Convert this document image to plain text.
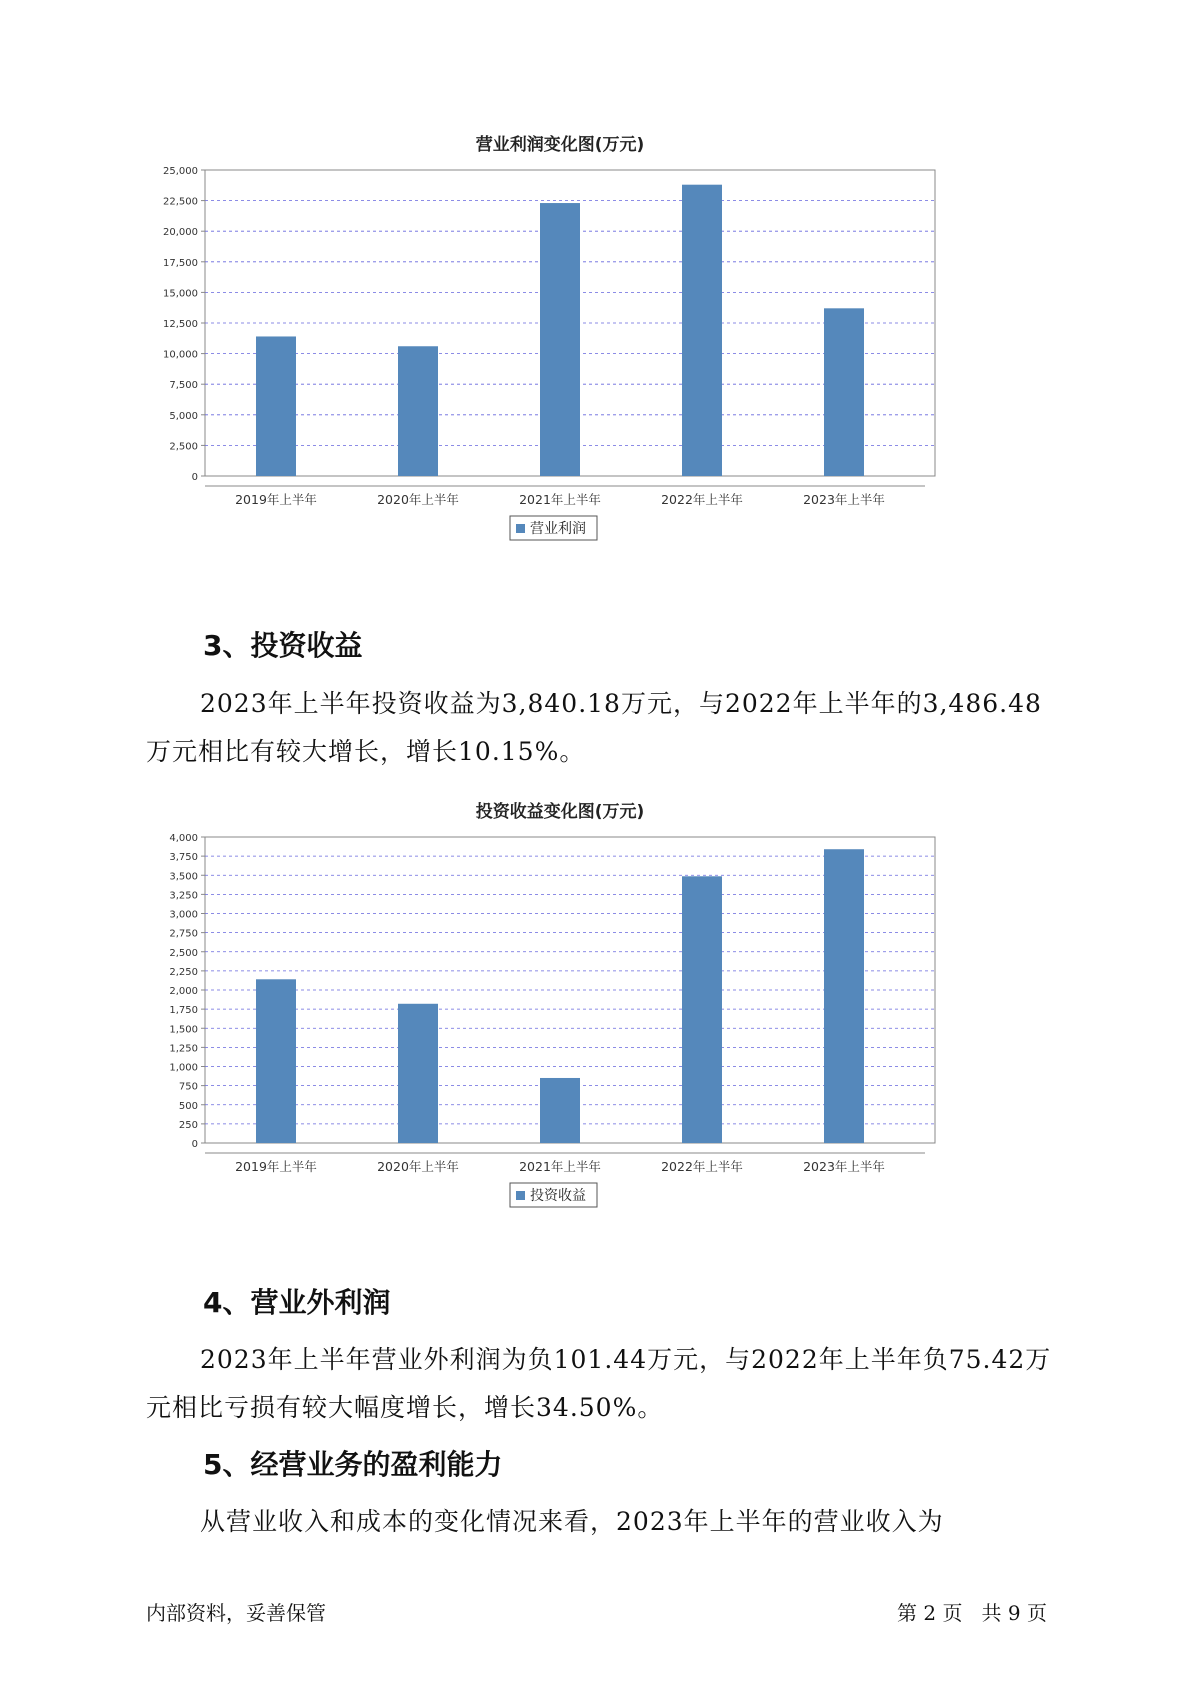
营业利润变化图(万元)
25,000
22,500
20,000
17,500
15,000
12,500
10,000
7,500
5,000
2,500
0
2019年上半年	2020年上半年	2021年上半年	2022年上半年	2023年上半年
营业利润
3、投资收益

2023年上半年投资收益为3,840.18万元，与2022年上半年的3,486.48万元相比有较大增长，增长10.15%。

投资收益变化图(万元)
4,000
3,750
3,500
3,250
3,000
2,750
2,500
2,250
2,000
1,750
1,500
1,250
1,000
750
500
250
0
2019年上半年	2020年上半年	2021年上半年	2022年上半年	2023年上半年
投资收益
4、营业外利润

2023年上半年营业外利润为负101.44万元，与2022年上半年负75.42万元相比亏损有较大幅度增长，增长34.50%。

5、经营业务的盈利能力

从营业收入和成本的变化情况来看，2023年上半年的营业收入为

内部资料，妥善保管	第 2 页   共 9 页
